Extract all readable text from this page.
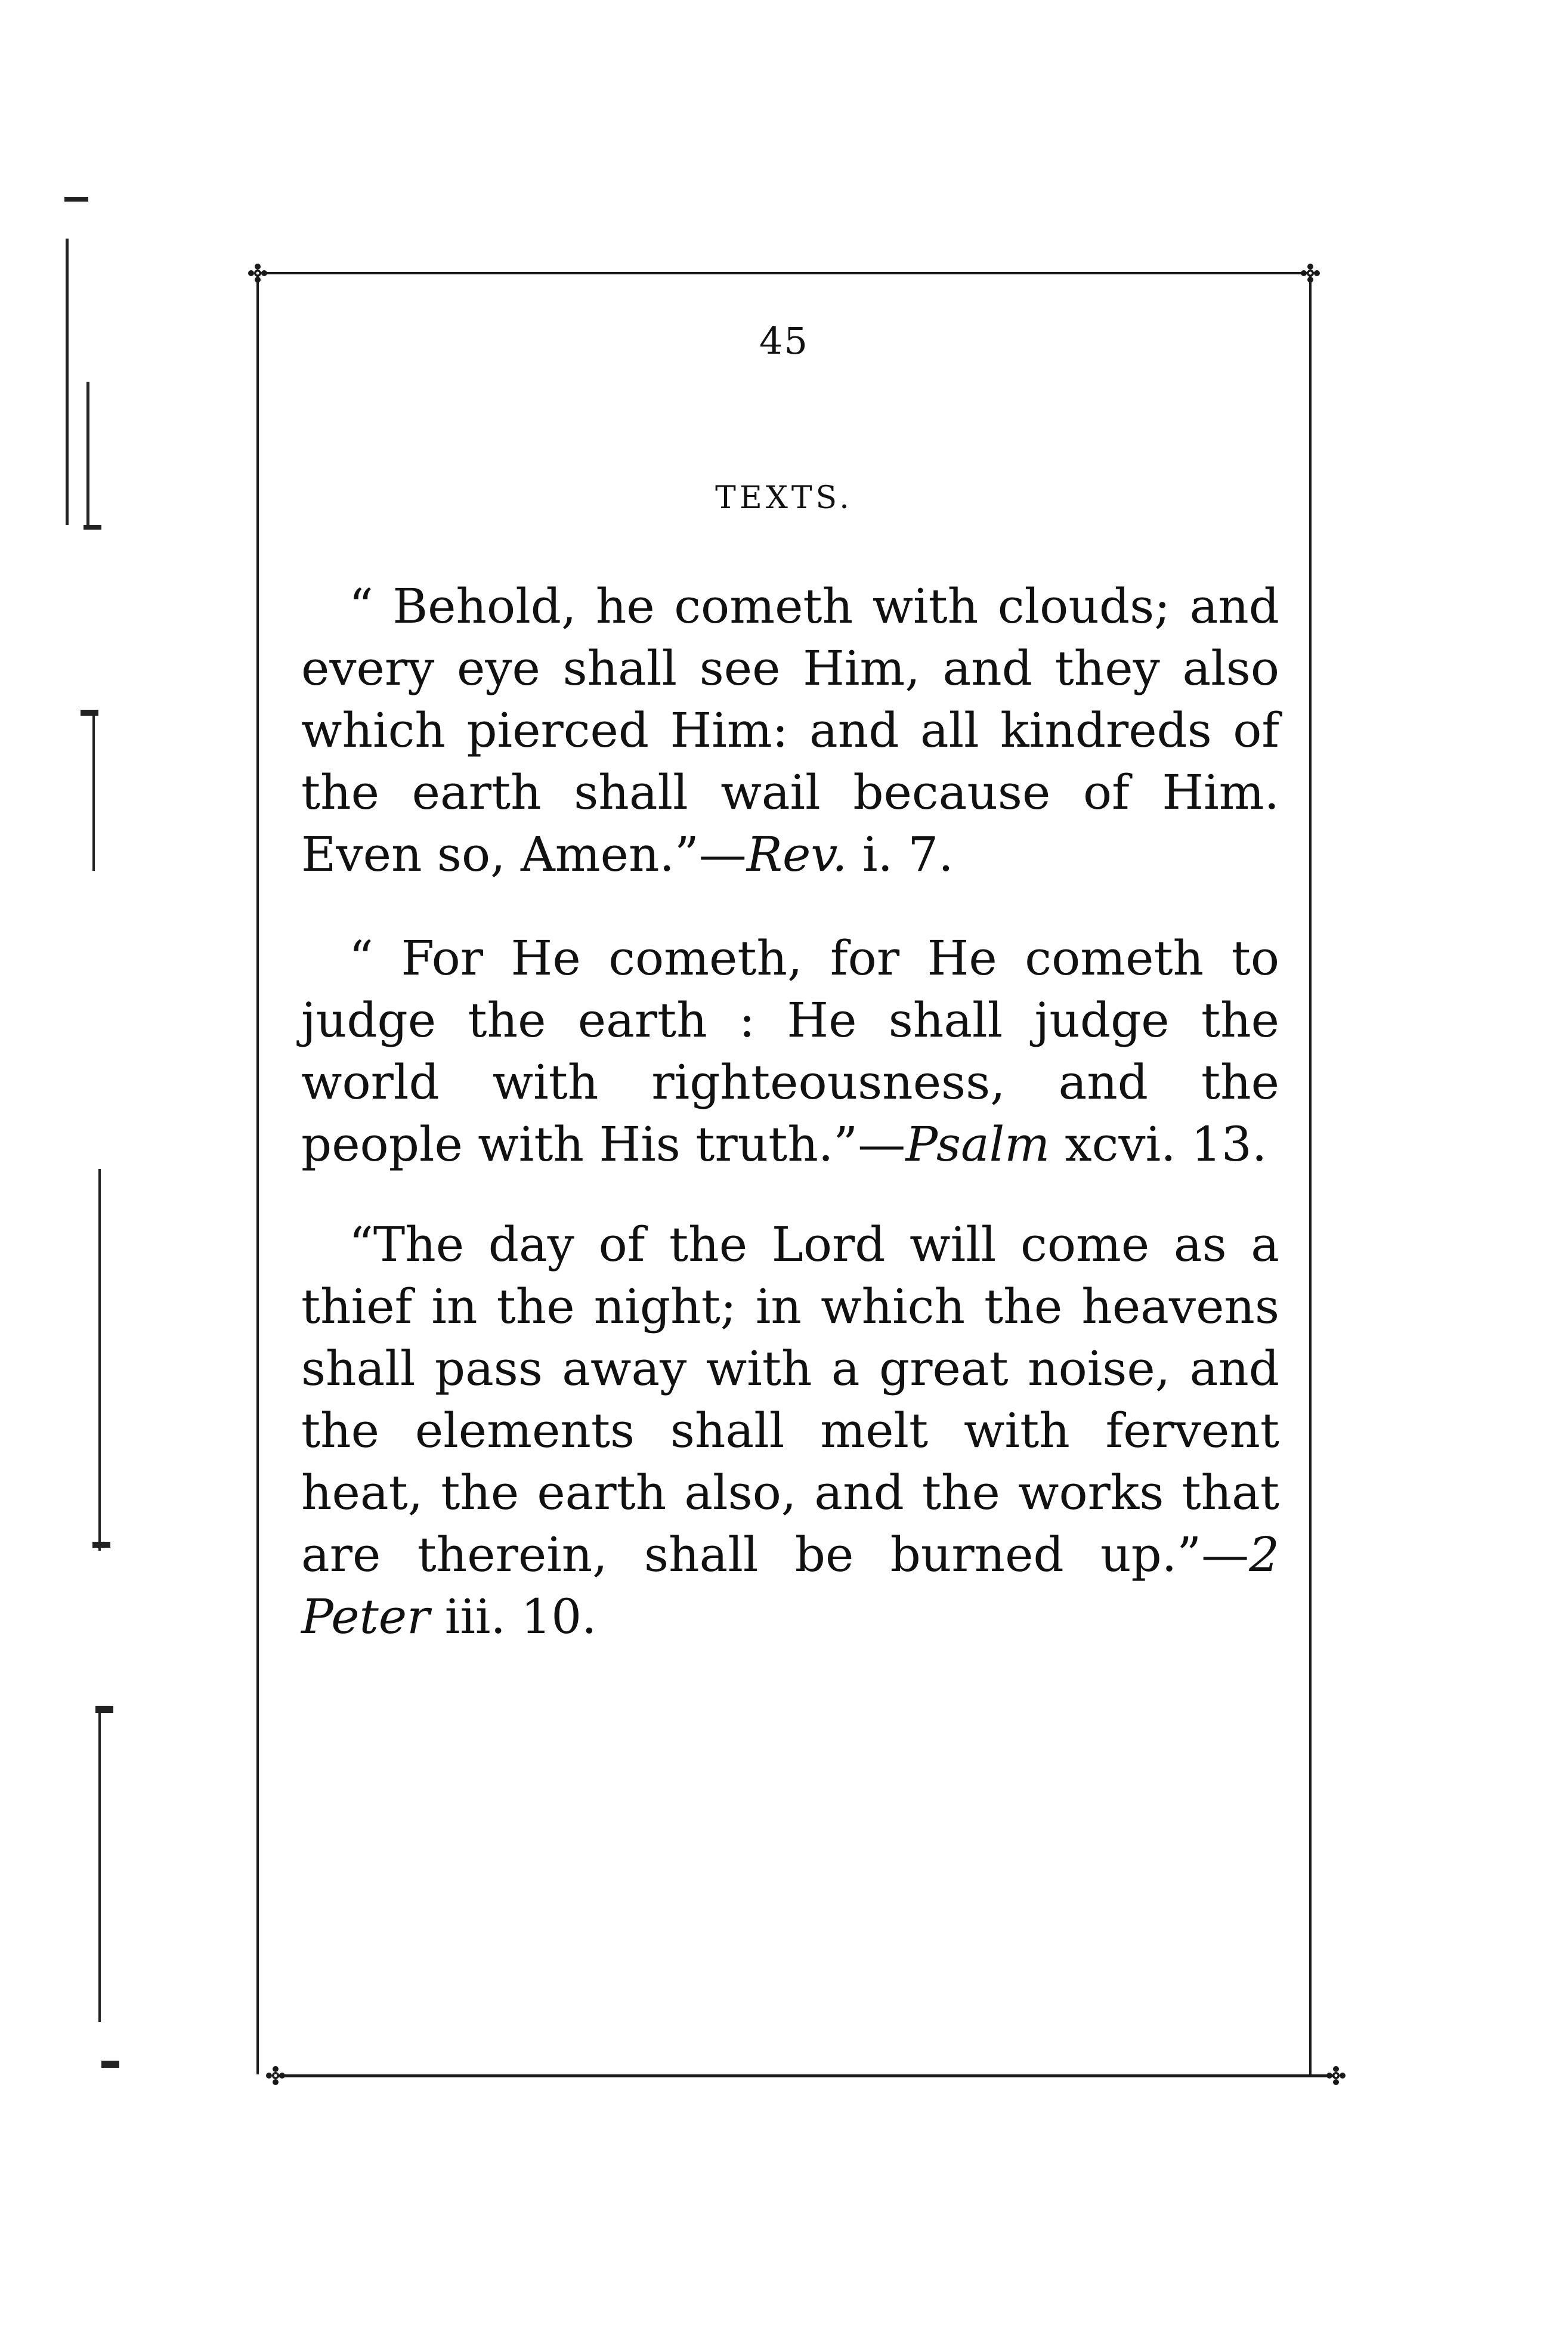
45
TEXTS.

“ Behold, he cometh with clouds; and every eye shall see Him, and they also which pierced Him: and all kindreds of the earth shall wail because of Him. Even so, Amen.”—Rev. i. 7.

“ For He cometh, for He cometh to judge the earth : He shall judge the world with righteousness, and the people with His truth.”—Psalm xcvi. 13.

“The day of the Lord will come as a thief in the night; in which the heavens shall pass away with a great noise, and the elements shall melt with fervent heat, the earth also, and the works that are therein, shall be burned up.”—2 Peter iii. 10.
